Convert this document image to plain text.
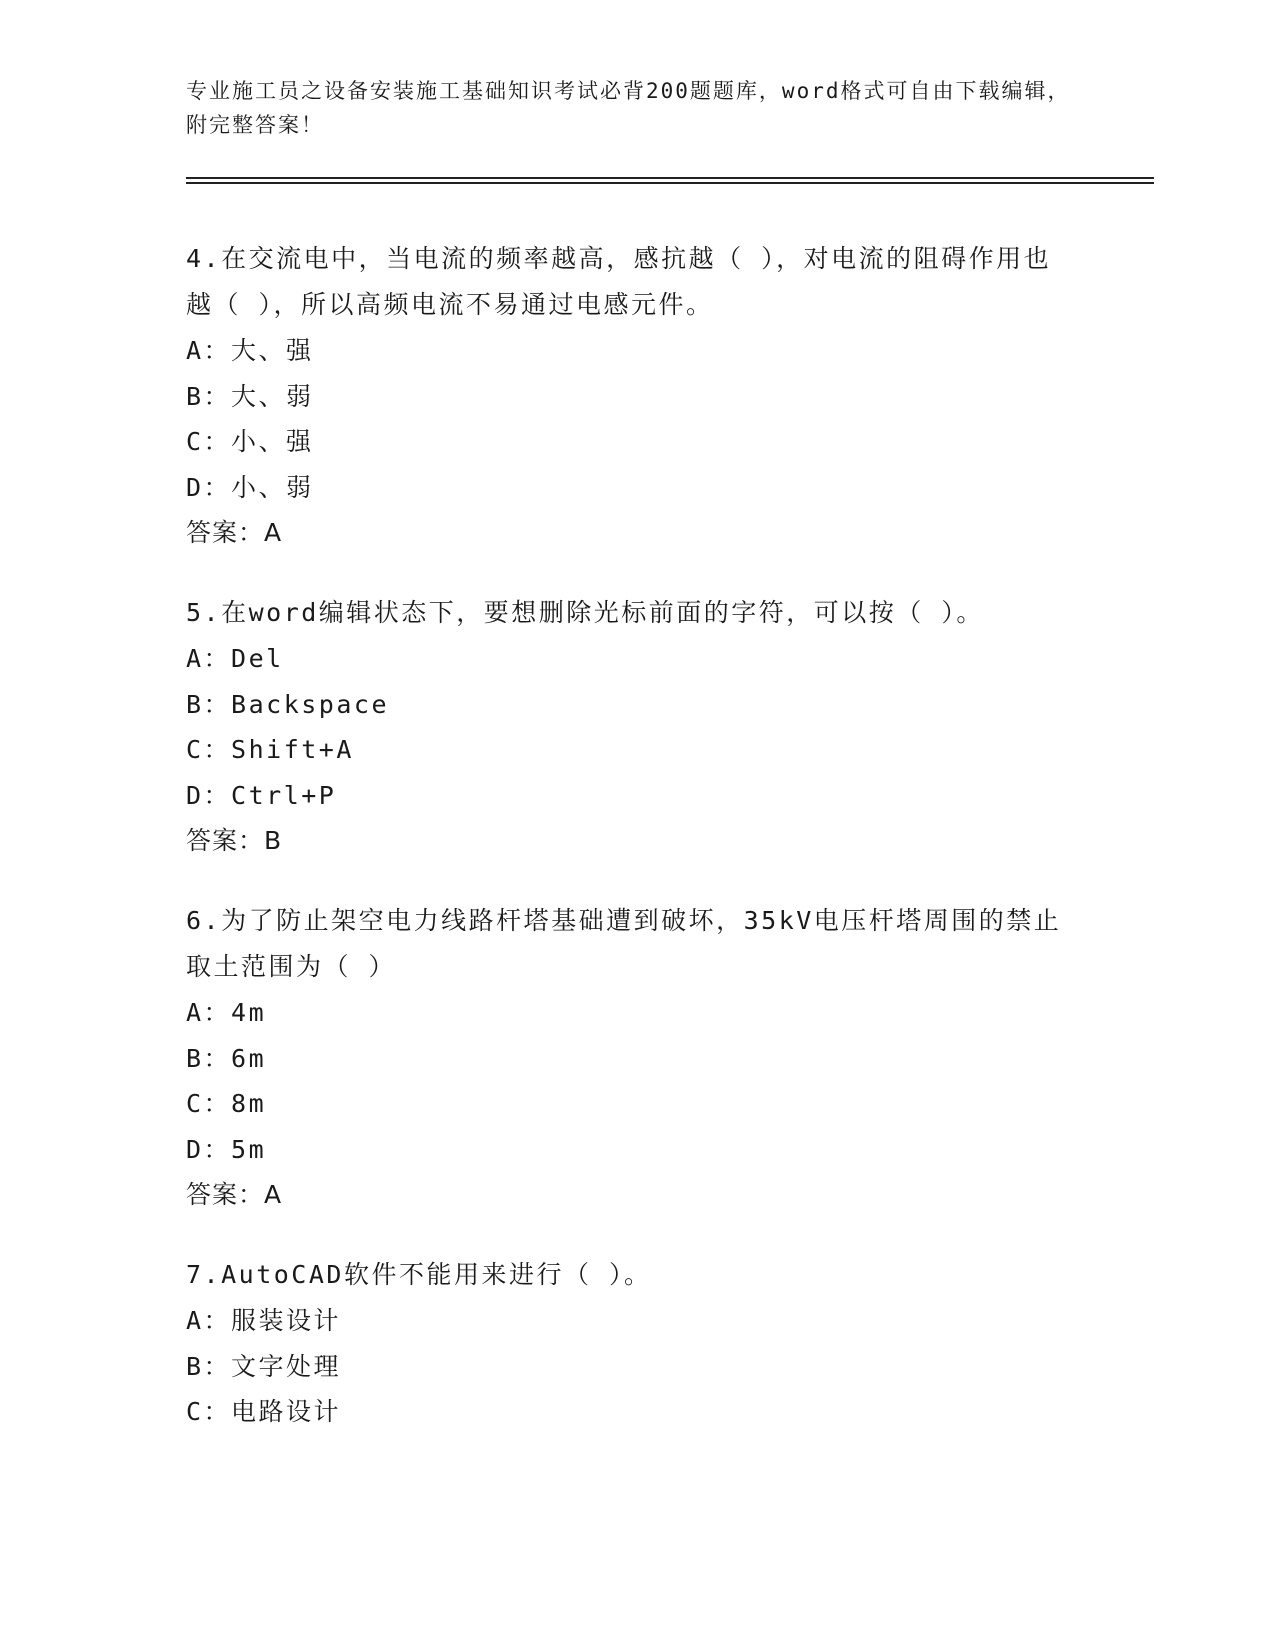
专业施工员之设备安装施工基础知识考试必背200题题库，word格式可自由下载编辑，附完整答案！

4.在交流电中，当电流的频率越高，感抗越（ ），对电流的阻碍作用也越（ ），所以高频电流不易通过电感元件。

A：大、强

B：大、弱

C：小、强

D：小、弱

答案：A

5.在word编辑状态下，要想删除光标前面的字符，可以按（ ）。

A：Del

B：Backspace

C：Shift+A

D：Ctrl+P

答案：B

6.为了防止架空电力线路杆塔基础遭到破坏，35kV电压杆塔周围的禁止取土范围为（ ）

A：4m

B：6m

C：8m

D：5m

答案：A

7.AutoCAD软件不能用来进行（ ）。

A：服装设计

B：文字处理

C：电路设计
